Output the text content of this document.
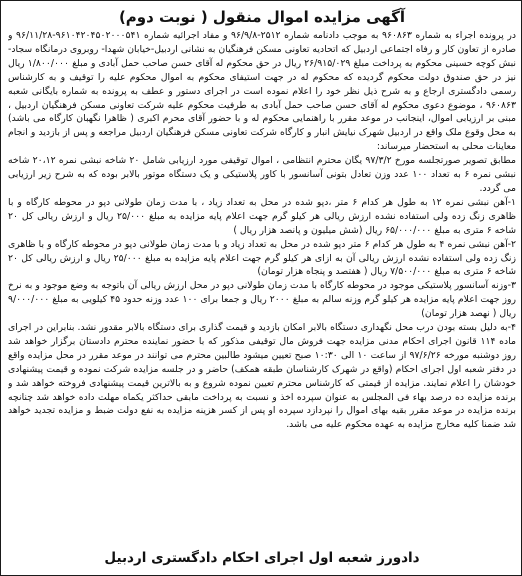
آگهی مزایده اموال منقول ( نوبت دوم)

در پرونده اجراء به شماره ۹۶۰۸۶۳ به موجب دادنامه شماره ۲۵۱۲-۹۶/۹/۸ و مفاد اجرائیه شماره ۹۶۱۰۴۲۰۴۵۰۲۰۰۰۵۴۱-۹۶/۱۱/۲۸ و صادره از تعاون کار و رفاه اجتماعی اردبیل که اتحادیه تعاونی مسکن فرهنگیان به نشانی اردبیل-خیابان شهدا- روبروی درمانگاه سجاد- نبش کوچه حسینی محکوم به پرداخت مبلغ ۲۶/۹۱۵/۰۲۹ ریال در حق محکوم له آقای حسن صاحب حمل آبادی و مبلغ ۱/۸۰۰/۰۰۰ ریال نیز در حق صندوق دولت محکوم گردیده که محکوم له در جهت استیفای محکوم به اموال محکوم علیه را توقیف و به کارشناس رسمی دادگستری ارجاع و به شرح ذیل نظر خود را اعلام نموده است در اجرای دستور و عطف به پرونده به شماره بایگانی شعبه ۹۶۰۸۶۳ ، موضوع دعوی محکوم له آقای حسن صاحب حمل آبادی به طرفیت محکوم علیه شرکت تعاونی مسکن فرهنگیان اردبیل ، مبنی بر ارزیابی اموال، اینجانب در موعد مقرر با راهنمایی محکوم له و با حضور آقای محرم اکبری ( ظاهرا نگهبان کارگاه می باشد) به محل وقوع ملک واقع در اردبیل شهرک نیایش انبار و کارگاه شرکت تعاونی مسکن فرهنگیان اردبیل مراجعه و پس از بازدید و انجام معاینات محلی به استحضار میرساند:

مطابق تصویر صورتجلسه مورخ ۹۷/۳/۲ یگان محترم انتظامی ، اموال توقیفی مورد ارزیابی شامل ۲۰ شاخه نبشی نمره ۲۰،۱۲ شاخه نبشی نمره ۶ به تعداد ۱۰۰ عدد وزن تعادل بتونی آسانسور با کاور پلاستیکی و یک دستگاه موتور بالابر بوده که به شرح زیر ارزیابی می گردد.

۱-آهن نبشی نمره ۱۲ به طول هر کدام ۶ متر ،دپو شده در محل به تعداد زیاد ، با مدت زمان طولانی دپو در محوطه کارگاه و با ظاهری زنگ زده ولی استفاده نشده ارزش ریالی هر کیلو گرم جهت اعلام پایه مزایده به مبلغ ۲۵/۰۰۰ ریال و ارزش ریالی کل ۲۰ شاخه ۶ متری به مبلغ ۶۵/۰۰۰/۰۰۰ ریال (شش میلیون و پانصد هزار ریال )

۲-آهن نبشی نمره ۴ به طول هر کدام ۶ متر دپو شده در محل به تعداد زیاد و با مدت زمان طولانی دپو در محوطه کارگاه و با ظاهری زنگ زده ولی استفاده نشده ارزش ریالی آن به ازای هر کیلو گرم جهت اعلام پایه مزایده به مبلغ ۲۵/۰۰۰ ریال و ارزش ریالی کل ۲۰ شاخه ۶ متری به مبلغ ۷/۵۰۰/۰۰۰ ریال ( هفتصد و پنجاه هزار تومان)

۳-وزنه آسانسور پلاستیکی موجود در محوطه کارگاه با مدت زمان طولانی دپو در محل ارزش ریالی آن باتوجه به وضع موجود و به نرخ روز جهت اعلام پایه مزایده هر کیلو گرم وزنه سالم به مبلغ ۲۰۰۰ ریال و جمعا برای ۱۰۰ عدد وزنه حدود ۴۵ کیلویی به مبلغ ۹/۰۰۰/۰۰۰ ریال ( نهصد هزار تومان)

۴-به دلیل بسته بودن درب محل نگهداری دستگاه بالابر امکان بازدید و قیمت گذاری برای دستگاه بالابر مقدور نشد. بنابراین در اجرای ماده ۱۱۴ قانون اجرای احکام مدنی مزایده جهت فروش مال توقیفی مذکور که با حضور نماینده محترم دادستان برگزار خواهد شد روز دوشنبه مورخه ۹۷/۶/۲۶ از ساعت ۱۰ الی ۱۰:۳۰ صبح تعیین میشود طالبین محترم می توانند در موعد مقرر در محل مزایده واقع در دفتر شعبه اول اجرای احکام (واقع در شهرک کارشناسان طبقه همکف) حاضر و در جلسه مزایده شرکت نموده و قیمت پیشنهادی خودشان را اعلام نمایند. مزایده از قیمتی که کارشناس محترم تعیین نموده شروع و به بالاترین قیمت پیشنهادی فروخته خواهد شد و برنده مزایده ده درصد بهاء فی المجلس به عنوان سپرده اخذ و نسبت به پرداخت مابقی حداکثر یکماه مهلت داده خواهد شد چنانچه برنده مزایده در موعد مقرر بقیه بهای اموال را نپردازد سپرده او پس از کسر هزینه مزایده به نفع دولت ضبط و مزایده تجدید خواهد شد ضمنا کلیه مخارج مزایده به عهده محکوم علیه می باشد.

دادورز شعبه اول اجرای احکام دادگستری اردبیل
